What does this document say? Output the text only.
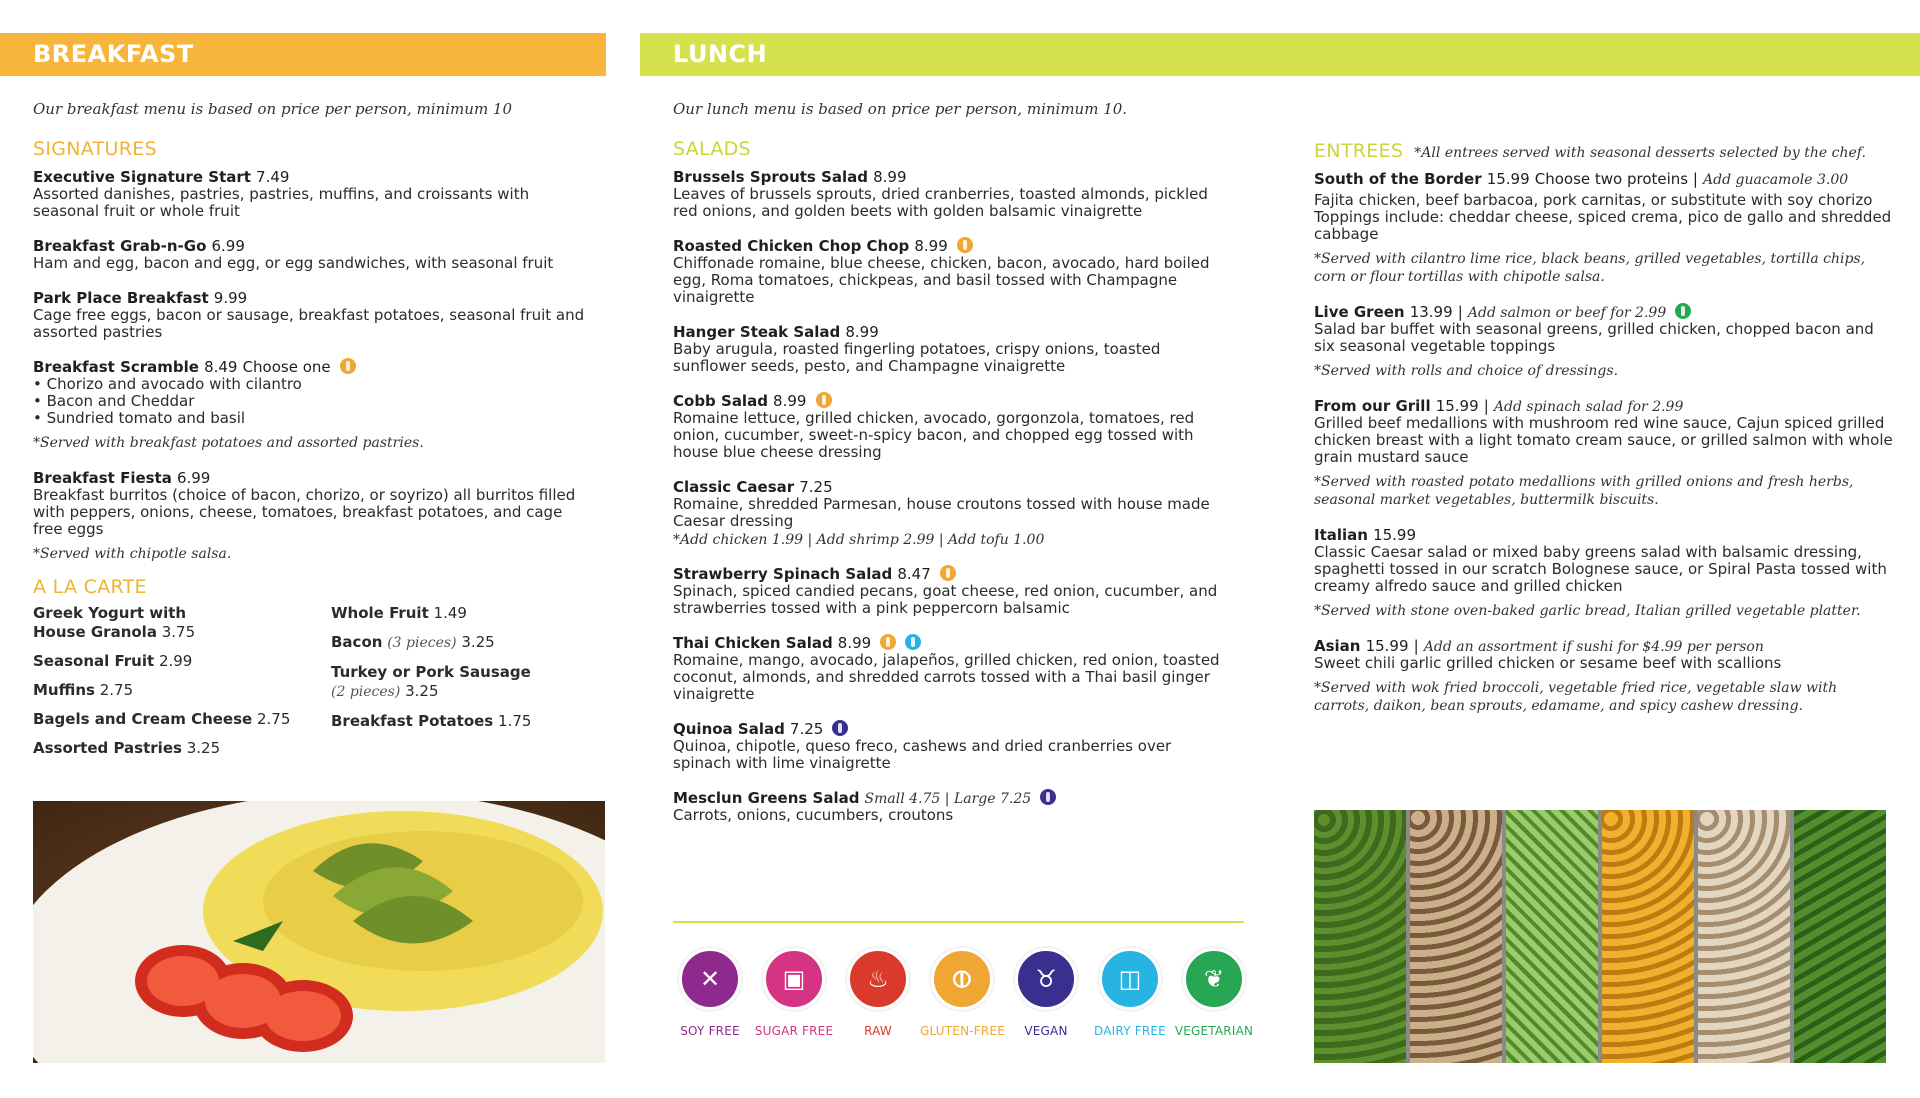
BREAKFAST	LUNCH
Our breakfast menu is based on price per person, minimum 10
SIGNATURES
Executive Signature Start 7.49
Assorted danishes, pastries, pastries, muffins, and croissants with seasonal fruit or whole fruit
Breakfast Grab-n-Go 6.99
Ham and egg, bacon and egg, or egg sandwiches, with seasonal fruit
Park Place Breakfast 9.99
Cage free eggs, bacon or sausage, breakfast potatoes, seasonal fruit and assorted pastries
Breakfast Scramble 8.49 Choose one
• Chorizo and avocado with cilantro
• Bacon and Cheddar
• Sundried tomato and basil
*Served with breakfast potatoes and assorted pastries.
Breakfast Fiesta 6.99
Breakfast burritos (choice of bacon, chorizo, or soyrizo) all burritos filled with peppers, onions, cheese, tomatoes, breakfast potatoes, and cage free eggs
*Served with chipotle salsa.
A LA CARTE
Greek Yogurt with
House Granola 3.75
Seasonal Fruit 2.99
Muffins 2.75
Bagels and Cream Cheese 2.75
Assorted Pastries 3.25
Whole Fruit 1.49
Bacon (3 pieces) 3.25
Turkey or Pork Sausage
(2 pieces) 3.25
Breakfast Potatoes 1.75
Our lunch menu is based on price per person, minimum 10.
SALADS
Brussels Sprouts Salad 8.99
Leaves of brussels sprouts, dried cranberries, toasted almonds, pickled red onions, and golden beets with golden balsamic vinaigrette
Roasted Chicken Chop Chop 8.99
Chiffonade romaine, blue cheese, chicken, bacon, avocado, hard boiled egg, Roma tomatoes, chickpeas, and basil tossed with Champagne vinaigrette
Hanger Steak Salad 8.99
Baby arugula, roasted fingerling potatoes, crispy onions, toasted sunflower seeds, pesto, and Champagne vinaigrette
Cobb Salad 8.99
Romaine lettuce, grilled chicken, avocado, gorgonzola, tomatoes, red onion, cucumber, sweet-n-spicy bacon, and chopped egg tossed with house blue cheese dressing
Classic Caesar 7.25
Romaine, shredded Parmesan, house croutons tossed with house made Caesar dressing
*Add chicken 1.99 | Add shrimp 2.99 | Add tofu 1.00
Strawberry Spinach Salad 8.47
Spinach, spiced candied pecans, goat cheese, red onion, cucumber, and strawberries tossed with a pink peppercorn balsamic
Thai Chicken Salad 8.99
Romaine, mango, avocado, jalapeños, grilled chicken, red onion, toasted coconut, almonds, and shredded carrots tossed with a Thai basil ginger vinaigrette
Quinoa Salad 7.25
Quinoa, chipotle, queso freco, cashews and dried cranberries over spinach with lime vinaigrette
Mesclun Greens Salad Small 4.75 | Large 7.25
Carrots, onions, cucumbers, croutons
ENTREES *All entrees served with seasonal desserts selected by the chef.
South of the Border 15.99 Choose two proteins | Add guacamole 3.00
Fajita chicken, beef barbacoa, pork carnitas, or substitute with soy chorizo Toppings include: cheddar cheese, spiced crema, pico de gallo and shredded cabbage
*Served with cilantro lime rice, black beans, grilled vegetables, tortilla chips, corn or flour tortillas with chipotle salsa.
Live Green 13.99 | Add salmon or beef for 2.99
Salad bar buffet with seasonal greens, grilled chicken, chopped bacon and six seasonal vegetable toppings
*Served with rolls and choice of dressings.
From our Grill 15.99 | Add spinach salad for 2.99
Grilled beef medallions with mushroom red wine sauce, Cajun spiced grilled chicken breast with a light tomato cream sauce, or grilled salmon with whole grain mustard sauce
*Served with roasted potato medallions with grilled onions and fresh herbs, seasonal market vegetables, buttermilk biscuits.
Italian 15.99
Classic Caesar salad or mixed baby greens salad with balsamic dressing, spaghetti tossed in our scratch Bolognese sauce, or Spiral Pasta tossed with creamy alfredo sauce and grilled chicken
*Served with stone oven-baked garlic bread, Italian grilled vegetable platter.
Asian 15.99 | Add an assortment if sushi for $4.99 per person
Sweet chili garlic grilled chicken or sesame beef with scallions
*Served with wok fried broccoli, vegetable fried rice, vegetable slaw with carrots, daikon, bean sprouts, edamame, and spicy cashew dressing.
✕
SOY FREE
▣
SUGAR FREE
♨
RAW
⦶
GLUTEN-FREE
♉
VEGAN
◫
DAIRY FREE
❦
VEGETARIAN
